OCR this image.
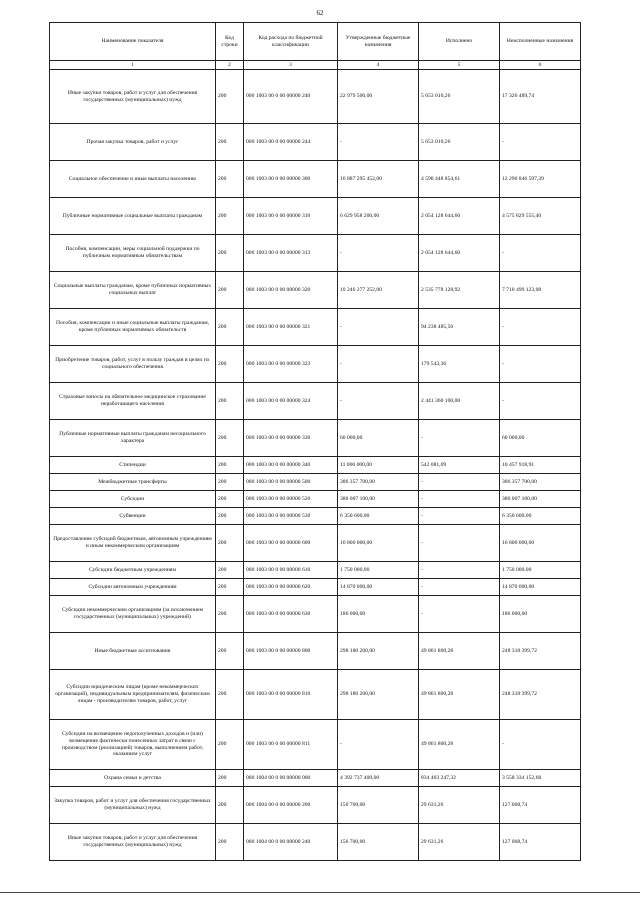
62
Наименование показателя	Код строки	Код расхода по бюджетной классификации	Утвержденные бюджетные назначения	Исполнено	Неисполненные назначения
1	2	3	4	5	6
Иные закупки товаров, работ и услуг для обеспечения государственных (муниципальных) нужд	200	000 1003 00 0 00 00000 240	22 979 500,00	5 653 010,26	17 326 489,74
Прочая закупка товаров, работ и услуг	200	000 1003 00 0 00 00000 244	-	5 653 010,26	-
Социальное обеспечение и иные выплаты населению	200	000 1003 00 0 00 00000 300	16 887 295 452,00	4 590 448 854,61	12 296 846 597,39
Публичные нормативные социальные выплаты гражданам	200	000 1003 00 0 00 00000 310	6 629 958 200,00	2 054 128 644,60	4 575 829 555,40
Пособия, компенсации, меры социальной поддержки по публичным нормативным обязательствам	200	000 1003 00 0 00 00000 313	-	2 054 128 644,60	-
Социальные выплаты гражданам, кроме публичных нормативных социальных выплат	200	000 1003 00 0 00 00000 320	10 246 277 252,00	2 535 778 128,92	7 710 499 123,08
Пособия, компенсации и иные социальные выплаты гражданам, кроме публичных нормативных обязательств	200	000 1003 00 0 00 00000 321	-	94 238 485,56	-
Приобретение товаров, работ, услуг в пользу граждан в целях их социального обеспечения	200	000 1003 00 0 00 00000 323	-	179 543,36	-
Страховые взносы на обязательное медицинское страхование неработающего населения	200	000 1003 00 0 00 00000 324	-	2 441 360 100,00	-
Публичные нормативные выплаты гражданам несоциального характера	200	000 1003 00 0 00 00000 330	60 000,00	-	60 000,00
Стипендии	200	000 1003 00 0 00 00000 340	11 000 000,00	542 081,09	10 457 918,91
Межбюджетные трансферты	200	000 1003 00 0 00 00000 500	386 357 700,00	-	386 357 700,00
Субсидии	200	000 1003 00 0 00 00000 520	380 007 100,00	-	380 007 100,00
Субвенции	200	000 1003 00 0 00 00000 530	6 350 600,00	-	6 350 600,00
Предоставление субсидий бюджетным, автономным учреждениям и иным некоммерческим организациям	200	000 1003 00 0 00 00000 600	16 806 000,00	-	16 806 000,00
Субсидии бюджетным учреждениям	200	000 1003 00 0 00 00000 610	1 750 000,00	-	1 750 000,00
Субсидии автономным учреждениям	200	000 1003 00 0 00 00000 620	14 870 000,00	-	14 870 000,00
Субсидии некоммерческим организациям (за исключением государственных (муниципальных) учреждений)	200	000 1003 00 0 00 00000 630	186 000,00	-	186 000,00
Иные бюджетные ассигнования	200	000 1003 00 0 00 00000 800	298 180 200,00	49 861 800,28	248 318 399,72
Субсидии юридическим лицам (кроме некоммерческих организаций), индивидуальным предпринимателям, физическим лицам - производителям товаров, работ, услуг	200	000 1003 00 0 00 00000 810	298 180 200,00	49 861 800,28	248 318 399,72
Субсидии на возмещение недополученных доходов и (или) возмещение фактически понесенных затрат в связи с производством (реализацией) товаров, выполнением работ, оказанием услуг	200	000 1003 00 0 00 00000 811	-	49 861 800,28	-
Охрана семьи и детства	200	000 1004 00 0 00 00000 000	4 392 737 400,00	834 403 247,32	3 558 334 152,68
Закупка товаров, работ и услуг для обеспечения государственных (муниципальных) нужд	200	000 1004 00 0 00 00000 200	156 700,00	29 631,26	127 068,74
Иные закупки товаров, работ и услуг для обеспечения государственных (муниципальных) нужд	200	000 1004 00 0 00 00000 240	156 700,00	29 631,26	127 068,74
